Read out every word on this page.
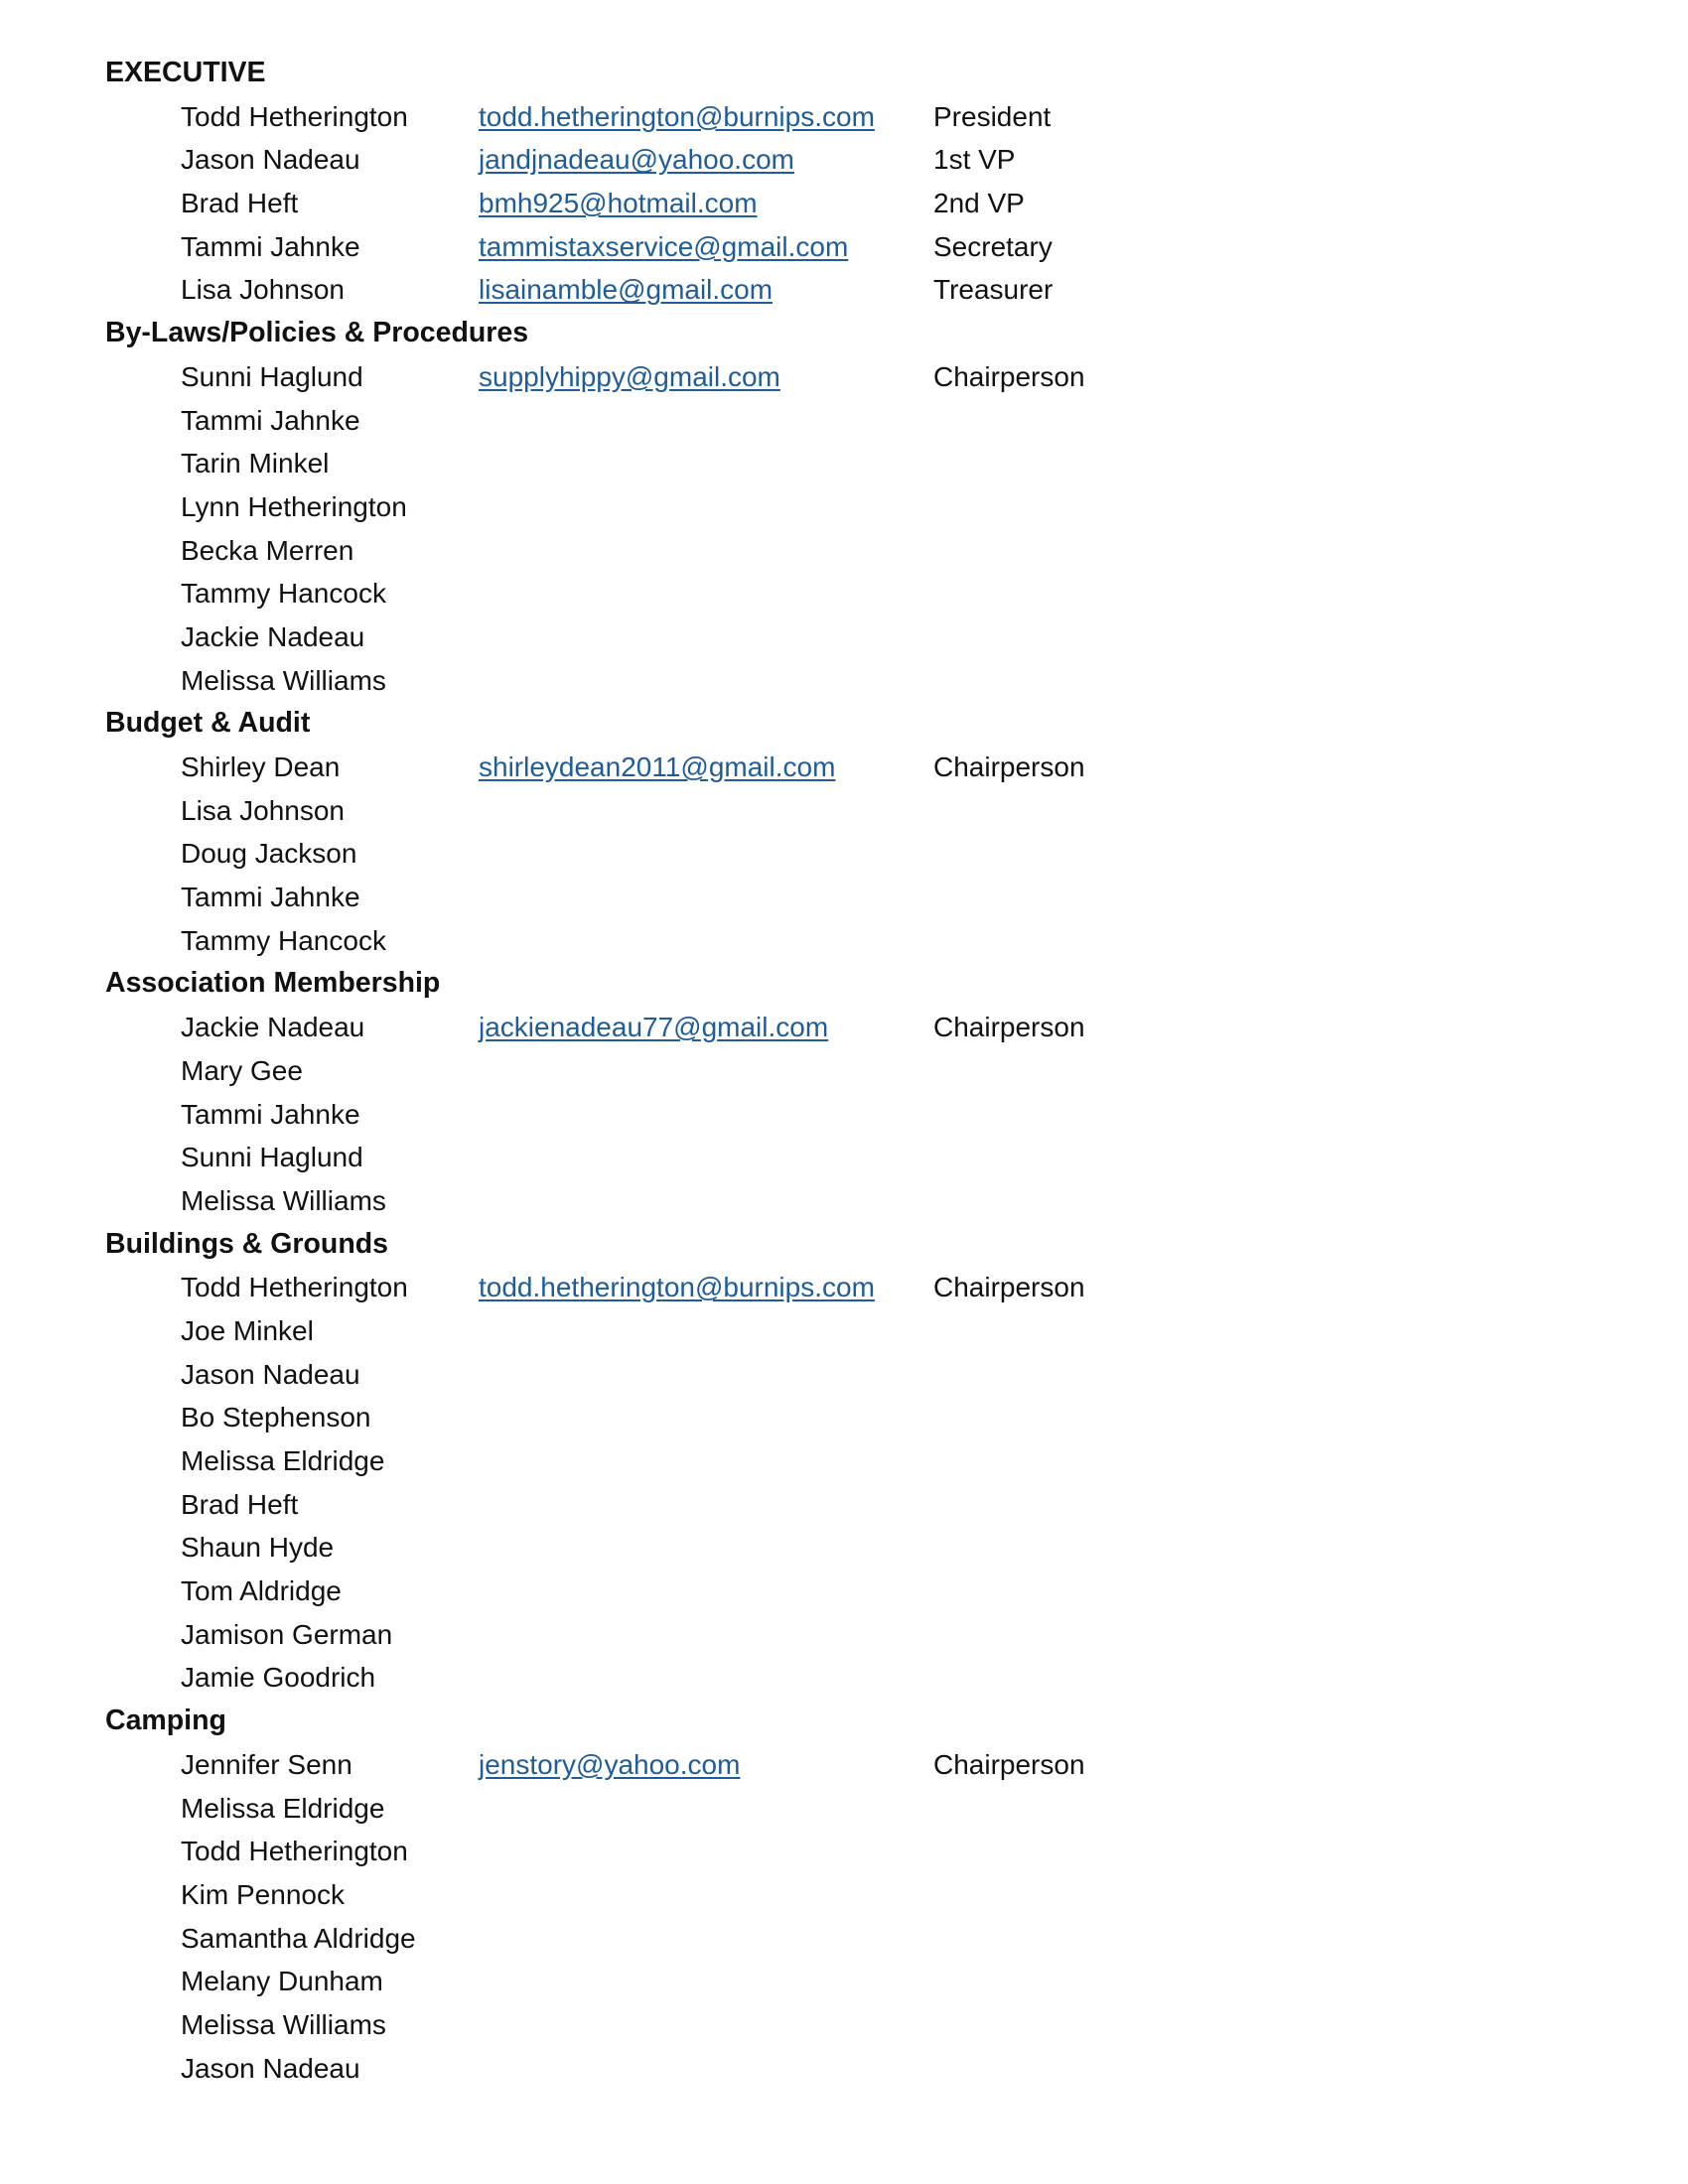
EXECUTIVE
Todd Hetherington	todd.hetherington@burnips.com President
Jason Nadeau	jandjnadeau@yahoo.com	1st VP
Brad Heft	bmh925@hotmail.com	2nd VP
Tammi Jahnke	tammistaxservice@gmail.com	Secretary
Lisa Johnson	lisainamble@gmail.com	Treasurer
By-Laws/Policies & Procedures
Sunni Haglund	supplyhippy@gmail.com	Chairperson
Tammi Jahnke
Tarin Minkel
Lynn Hetherington
Becka Merren
Tammy Hancock
Jackie Nadeau
Melissa Williams
Budget & Audit
Shirley Dean	shirleydean2011@gmail.com	Chairperson
Lisa Johnson
Doug Jackson
Tammi Jahnke
Tammy Hancock
Association Membership
Jackie Nadeau	jackienadeau77@gmail.com	Chairperson
Mary Gee
Tammi Jahnke
Sunni Haglund
Melissa Williams
Buildings & Grounds
Todd Hetherington	todd.hetherington@burnips.com Chairperson
Joe Minkel
Jason Nadeau
Bo Stephenson
Melissa Eldridge
Brad Heft
Shaun Hyde
Tom Aldridge
Jamison German
Jamie Goodrich
Camping
Jennifer Senn	jenstory@yahoo.com	Chairperson
Melissa Eldridge
Todd Hetherington
Kim Pennock
Samantha Aldridge
Melany Dunham
Melissa Williams
Jason Nadeau
